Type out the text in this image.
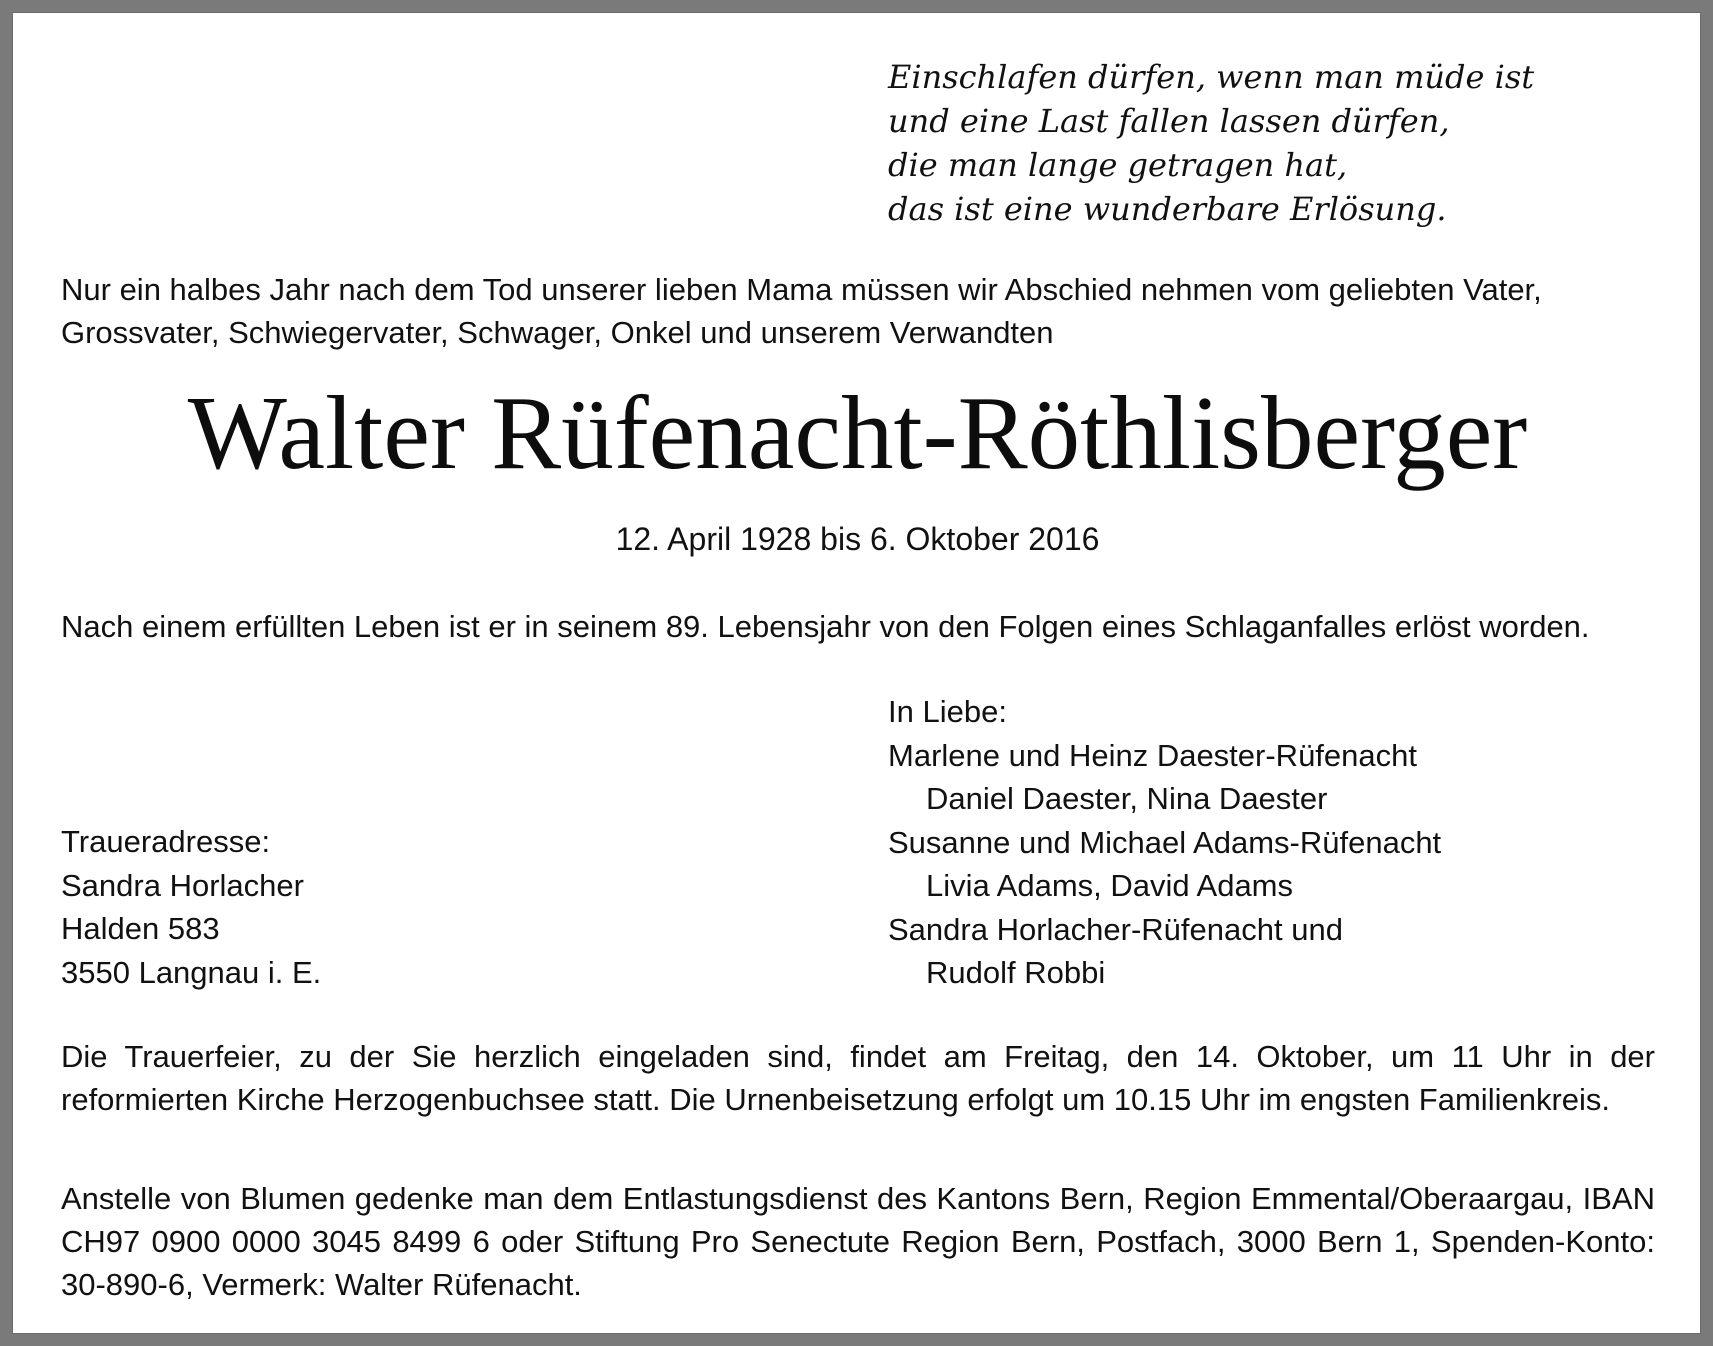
Einschlafen dürfen, wenn man müde ist
und eine Last fallen lassen dürfen,
die man lange getragen hat,
das ist eine wunderbare Erlösung.
Nur ein halbes Jahr nach dem Tod unserer lieben Mama müssen wir Abschied nehmen vom geliebten Vater, Grossvater, Schwiegervater, Schwager, Onkel und unserem Verwandten
Walter Rüfenacht-Röthlisberger
12. April 1928 bis 6. Oktober 2016
Nach einem erfüllten Leben ist er in seinem 89. Lebensjahr von den Folgen eines Schlaganfalles erlöst worden.
In Liebe:
Marlene und Heinz Daester-Rüfenacht
Daniel Daester, Nina Daester
Susanne und Michael Adams-Rüfenacht
Livia Adams, David Adams
Sandra Horlacher-Rüfenacht und
Rudolf Robbi
Traueradresse:
Sandra Horlacher
Halden 583
3550 Langnau i. E.
Die Trauerfeier, zu der Sie herzlich eingeladen sind, findet am Freitag, den 14. Oktober, um 11 Uhr in der reformierten Kirche Herzogenbuchsee statt. Die Urnenbeisetzung erfolgt um 10.15 Uhr im engsten Familienkreis.
Anstelle von Blumen gedenke man dem Entlastungsdienst des Kantons Bern, Region Emmental/Oberaargau, IBAN CH97 0900 0000 3045 8499 6 oder Stiftung Pro Senectute Region Bern, Postfach, 3000 Bern 1, Spenden-Konto: 30-890-6, Vermerk: Walter Rüfenacht.
